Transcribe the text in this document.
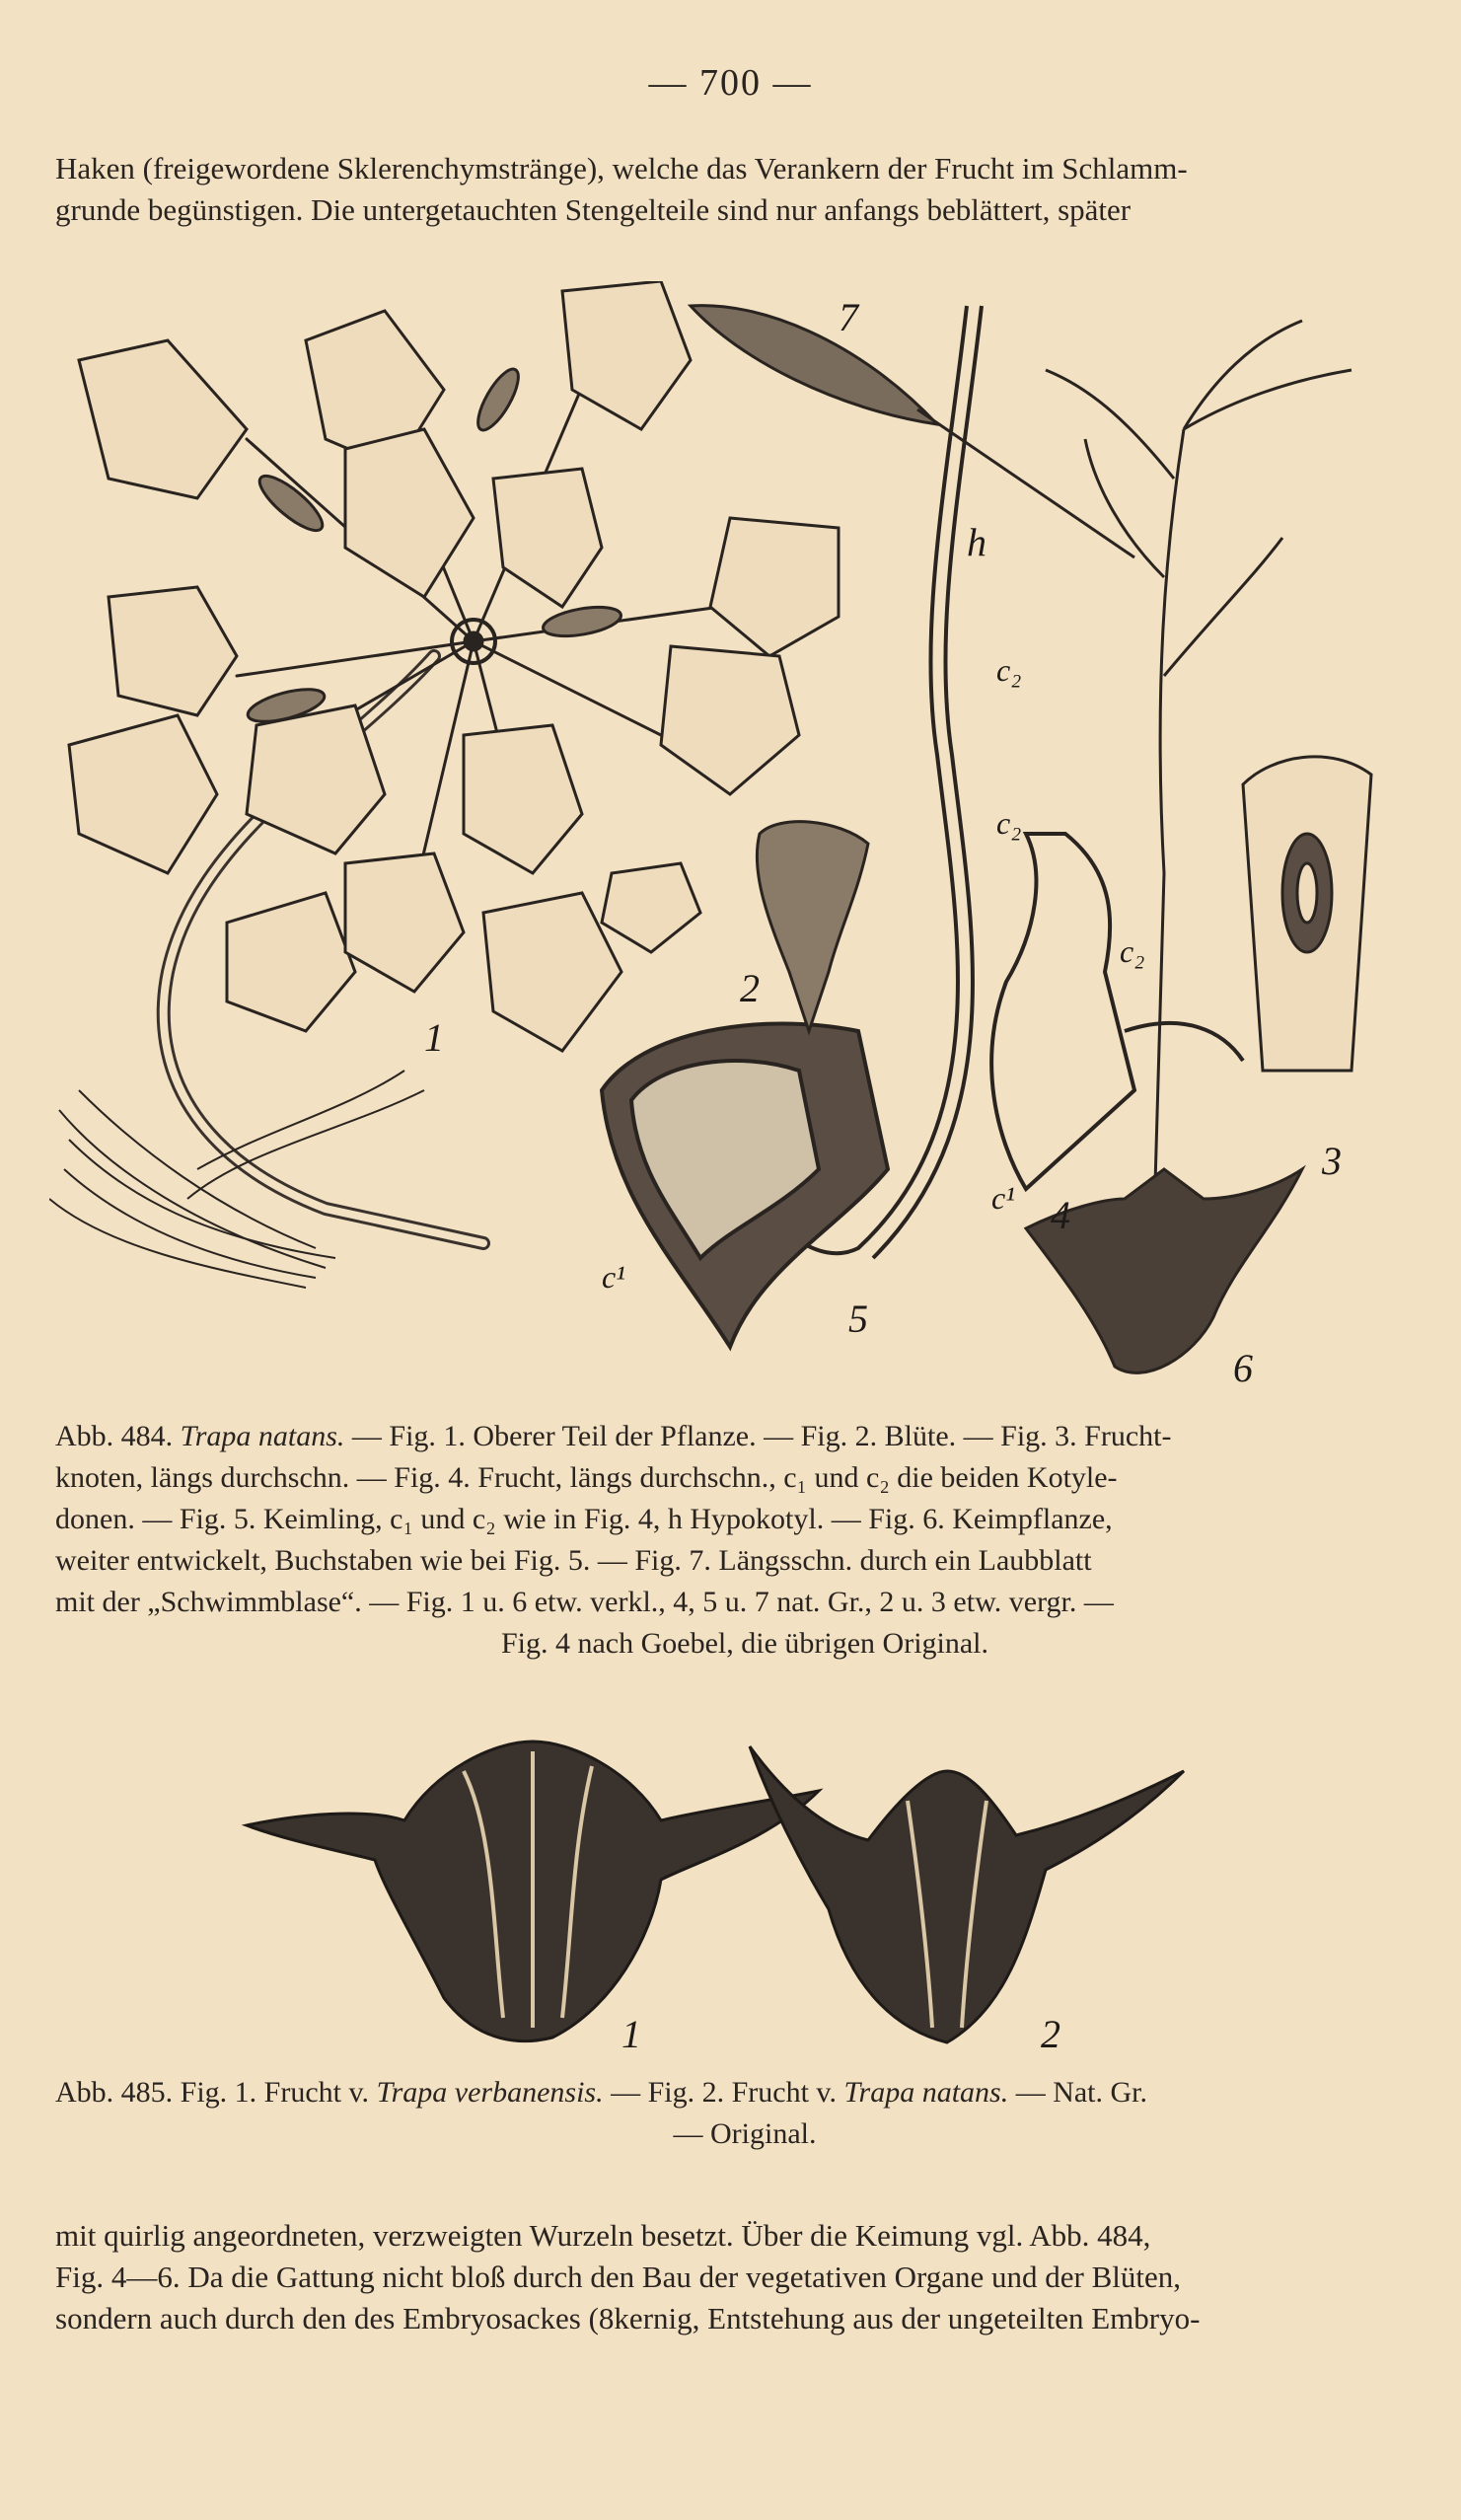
— 700 —
Haken (freigewordene Sklerenchymstränge), welche das Verankern der Frucht im Schlamm-
grunde begünstigen. Die untergetauchten Stengelteile sind nur anfangs beblättert, später
1
2
3
4
5
6
7
h
c₂
c₂
c₂
c¹
c¹
Abb. 484. Trapa natans. — Fig. 1. Oberer Teil der Pflanze. — Fig. 2. Blüte. — Fig. 3. Frucht-
knoten, längs durchschn. — Fig. 4. Frucht, längs durchschn., c₁ und c₂ die beiden Kotyle-
donen. — Fig. 5. Keimling, c₁ und c₂ wie in Fig. 4, h Hypokotyl. — Fig. 6. Keimpflanze,
weiter entwickelt, Buchstaben wie bei Fig. 5. — Fig. 7. Längsschn. durch ein Laubblatt
mit der „Schwimmblase“. — Fig. 1 u. 6 etw. verkl., 4, 5 u. 7 nat. Gr., 2 u. 3 etw. vergr. —
Fig. 4 nach Goebel, die übrigen Original.
1	2
Abb. 485. Fig. 1. Frucht v. Trapa verbanensis. — Fig. 2. Frucht v. Trapa natans. — Nat. Gr.
— Original.
mit quirlig angeordneten, verzweigten Wurzeln besetzt. Über die Keimung vgl. Abb. 484,
Fig. 4—6. Da die Gattung nicht bloß durch den Bau der vegetativen Organe und der Blüten,
sondern auch durch den des Embryosackes (8kernig, Entstehung aus der ungeteilten Embryo-
